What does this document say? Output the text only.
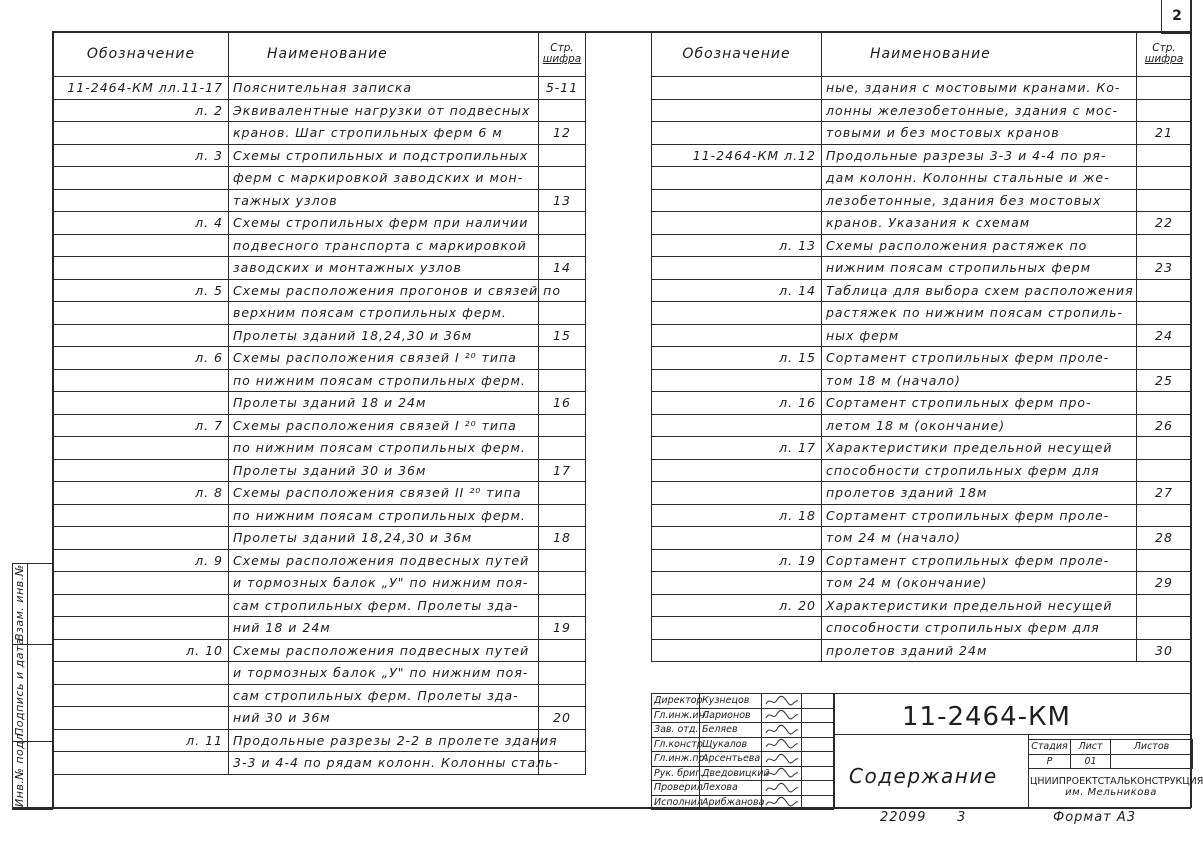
2
Инв.№ подл.
Подпись и дата
Взам. инв.№
Обозначение	Наименование	Стр.
шифра

11-2464-КМ лл.11-17	Пояснительная записка	5-11
л. 2	Эквивалентные нагрузки от подвесных	
	кранов. Шаг стропильных ферм 6 м	12
л. 3	Схемы стропильных и подстропильных	
	ферм с маркировкой заводских и мон-	
	тажных узлов	13
л. 4	Схемы стропильных ферм при наличии	
	подвесного транспорта с маркировкой	
	заводских и монтажных узлов	14
л. 5	Схемы расположения прогонов и связей по	
	верхним поясам стропильных ферм.	
	Пролеты зданий 18,24,30 и 36м	15
л. 6	Схемы расположения связей I ²⁰ типа	
	по нижним поясам стропильных ферм.	
	Пролеты зданий 18 и 24м	16
л. 7	Схемы расположения связей I ²⁰ типа	
	по нижним поясам стропильных ферм.	
	Пролеты зданий 30 и 36м	17
л. 8	Схемы расположения связей II ²⁰ типа	
	по нижним поясам стропильных ферм.	
	Пролеты зданий 18,24,30 и 36м	18
л. 9	Схемы расположения подвесных путей	
	и тормозных балок „У" по нижним поя-	
	сам стропильных ферм. Пролеты зда-	
	ний 18 и 24м	19
л. 10	Схемы расположения подвесных путей	
	и тормозных балок „У" по нижним поя-	
	сам стропильных ферм. Пролеты зда-	
	ний 30 и 36м	20
л. 11	Продольные разрезы 2-2 в пролете здания	
	3-3 и 4-4 по рядам колонн. Колонны сталь-	
Обозначение	Наименование	Стр.
шифра

	ные, здания с мостовыми кранами. Ко-	
	лонны железобетонные, здания с мос-	
	товыми и без мостовых кранов	21
11-2464-КМ л.12	Продольные разрезы 3-3 и 4-4 по ря-	
	дам колонн. Колонны стальные и же-	
	лезобетонные, здания без мостовых	
	кранов. Указания к схемам	22
л. 13	Схемы расположения растяжек по	
	нижним поясам стропильных ферм	23
л. 14	Таблица для выбора схем расположения	
	растяжек по нижним поясам стропиль-	
	ных ферм	24
л. 15	Сортамент стропильных ферм проле-	
	том 18 м (начало)	25
л. 16	Сортамент стропильных ферм про-	
	летом 18 м (окончание)	26
л. 17	Характеристики предельной несущей	
	способности стропильных ферм для	
	пролетов зданий 18м	27
л. 18	Сортамент стропильных ферм проле-	
	том 24 м (начало)	28
л. 19	Сортамент стропильных ферм проле-	
	том 24 м (окончание)	29
л. 20	Характеристики предельной несущей	
	способности стропильных ферм для	
	пролетов зданий 24м	30
Директор	Кузнецов	

Гл.инж.ин.	Ларионов	

Зав. отд.	Беляев	

Гл.констр.	Щукалов	

Гл.инж.пр.	Арсентьева	

Рук. бриг.	Дведовицкий	

Проверил	Лехова	

Исполнил	Арибжанова	

11-2464-КМ
Содержание
Стадия	Лист	Листов
Р	01	
ЦНИИПРОЕКТСТАЛЬКОНСТРУКЦИЯ
им. Мельникова
22099 3	Формат А3
